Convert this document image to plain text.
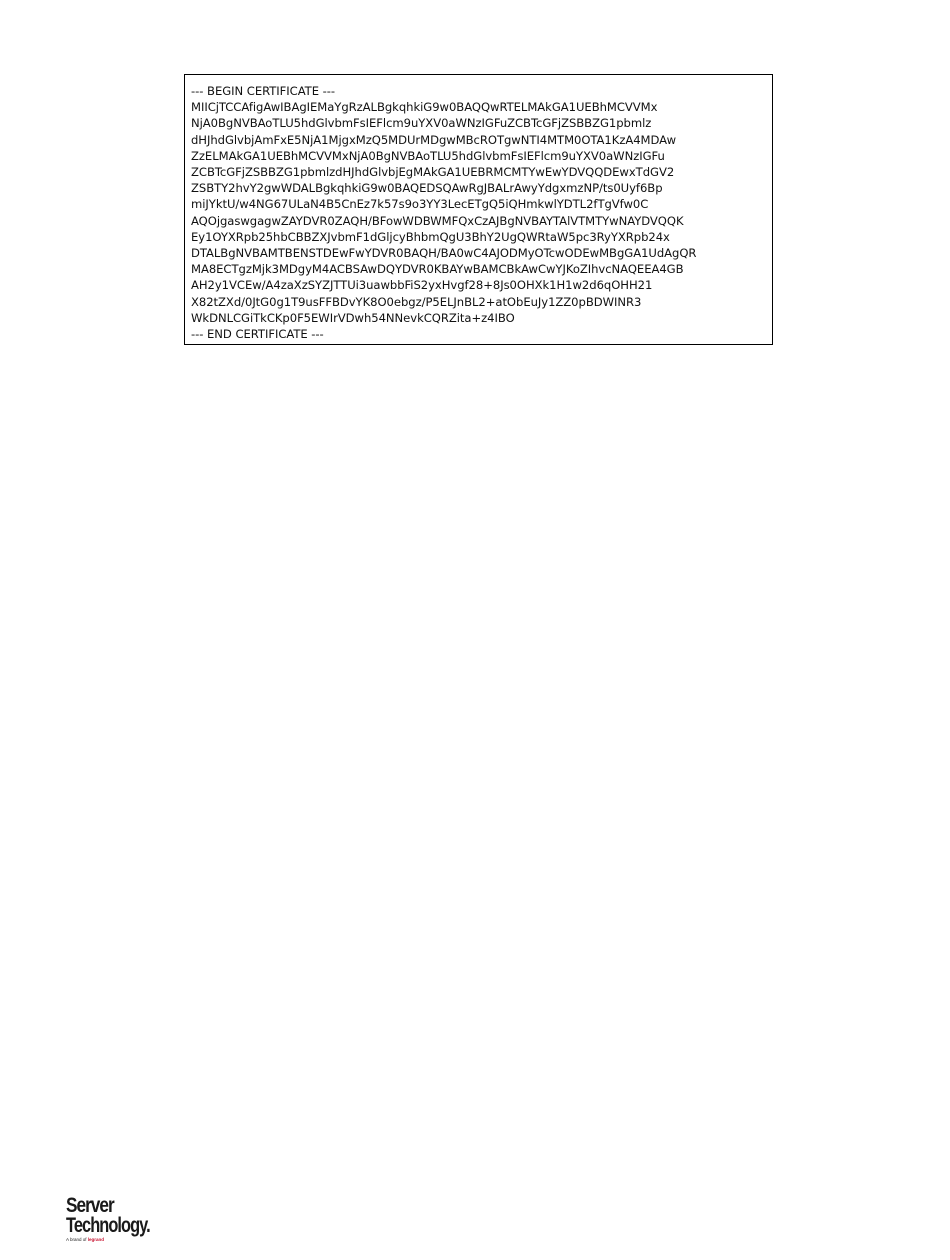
--- BEGIN CERTIFICATE ---
MIICjTCCAfigAwIBAgIEMaYgRzALBgkqhkiG9w0BAQQwRTELMAkGA1UEBhMCVVMx
NjA0BgNVBAoTLU5hdGlvbmFsIEFlcm9uYXV0aWNzIGFuZCBTcGFjZSBBZG1pbmlz
dHJhdGlvbjAmFxE5NjA1MjgxMzQ5MDUrMDgwMBcROTgwNTI4MTM0OTA1KzA4MDAw
ZzELMAkGA1UEBhMCVVMxNjA0BgNVBAoTLU5hdGlvbmFsIEFlcm9uYXV0aWNzIGFu
ZCBTcGFjZSBBZG1pbmlzdHJhdGlvbjEgMAkGA1UEBRMCMTYwEwYDVQQDEwxTdGV2
ZSBTY2hvY2gwWDALBgkqhkiG9w0BAQEDSQAwRgJBALrAwyYdgxmzNP/ts0Uyf6Bp
miJYktU/w4NG67ULaN4B5CnEz7k57s9o3YY3LecETgQ5iQHmkwlYDTL2fTgVfw0C
AQOjgaswgagwZAYDVR0ZAQH/BFowWDBWMFQxCzAJBgNVBAYTAlVTMTYwNAYDVQQK
Ey1OYXRpb25hbCBBZXJvbmF1dGljcyBhbmQgU3BhY2UgQWRtaW5pc3RyYXRpb24x
DTALBgNVBAMTBENSTDEwFwYDVR0BAQH/BA0wC4AJODMyOTcwODEwMBgGA1UdAgQR
MA8ECTgzMjk3MDgyM4ACBSAwDQYDVR0KBAYwBAMCBkAwCwYJKoZIhvcNAQEEA4GB
AH2y1VCEw/A4zaXzSYZJTTUi3uawbbFiS2yxHvgf28+8Js0OHXk1H1w2d6qOHH21
X82tZXd/0JtG0g1T9usFFBDvYK8O0ebgz/P5ELJnBL2+atObEuJy1ZZ0pBDWINR3
WkDNLCGiTkCKp0F5EWIrVDwh54NNevkCQRZita+z4IBO
--- END CERTIFICATE ---
Server
Technology.
A brand of legrand
